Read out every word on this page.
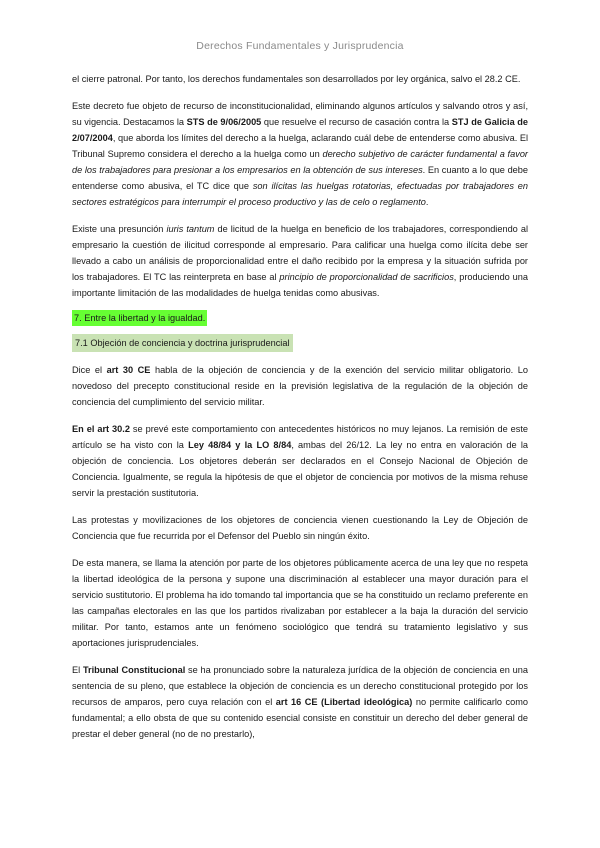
Derechos Fundamentales y Jurisprudencia

el cierre patronal. Por tanto, los derechos fundamentales son desarrollados por ley orgánica, salvo el 28.2 CE.

Este decreto fue objeto de recurso de inconstitucionalidad, eliminando algunos artículos y salvando otros y así, su vigencia. Destacamos la STS de 9/06/2005 que resuelve el recurso de casación contra la STJ de Galicia de 2/07/2004, que aborda los límites del derecho a la huelga, aclarando cuál debe de entenderse como abusiva. El Tribunal Supremo considera el derecho a la huelga como un derecho subjetivo de carácter fundamental a favor de los trabajadores para presionar a los empresarios en la obtención de sus intereses. En cuanto a lo que debe entenderse como abusiva, el TC dice que son ilícitas las huelgas rotatorias, efectuadas por trabajadores en sectores estratégicos para interrumpir el proceso productivo y las de celo o reglamento.

Existe una presunción iuris tantum de licitud de la huelga en beneficio de los trabajadores, correspondiendo al empresario la cuestión de ilicitud corresponde al empresario. Para calificar una huelga como ilícita debe ser llevado a cabo un análisis de proporcionalidad entre el daño recibido por la empresa y la situación sufrida por los trabajadores. El TC las reinterpreta en base al principio de proporcionalidad de sacrificios, produciendo una importante limitación de las modalidades de huelga tenidas como abusivas.

7. Entre la libertad y la igualdad.
7.1 Objeción de conciencia y doctrina jurisprudencial

Dice el art 30 CE habla de la objeción de conciencia y de la exención del servicio militar obligatorio. Lo novedoso del precepto constitucional reside en la previsión legislativa de la regulación de la objeción de conciencia del cumplimiento del servicio militar.

En el art 30.2 se prevé este comportamiento con antecedentes históricos no muy lejanos. La remisión de este artículo se ha visto con la Ley 48/84 y la LO 8/84, ambas del 26/12. La ley no entra en valoración de la objeción de conciencia. Los objetores deberán ser declarados en el Consejo Nacional de Objeción de Conciencia. Igualmente, se regula la hipótesis de que el objetor de conciencia por motivos de la misma rehuse servir la prestación sustitutoria.

Las protestas y movilizaciones de los objetores de conciencia vienen cuestionando la Ley de Objeción de Conciencia que fue recurrida por el Defensor del Pueblo sin ningún éxito.

De esta manera, se llama la atención por parte de los objetores públicamente acerca de una ley que no respeta la libertad ideológica de la persona y supone una discriminación al establecer una mayor duración para el servicio sustitutorio. El problema ha ido tomando tal importancia que se ha constituido un reclamo preferente en las campañas electorales en las que los partidos rivalizaban por establecer a la baja la duración del servicio militar. Por tanto, estamos ante un fenómeno sociológico que tendrá su tratamiento legislativo y sus aportaciones jurisprudenciales.

El Tribunal Constitucional se ha pronunciado sobre la naturaleza jurídica de la objeción de conciencia en una sentencia de su pleno, que establece la objeción de conciencia es un derecho constitucional protegido por los recursos de amparos, pero cuya relación con el art 16 CE (Libertad ideológica) no permite calificarlo como fundamental; a ello obsta de que su contenido esencial consiste en constituir un derecho del deber general de prestar el deber general (no de no prestarlo),
